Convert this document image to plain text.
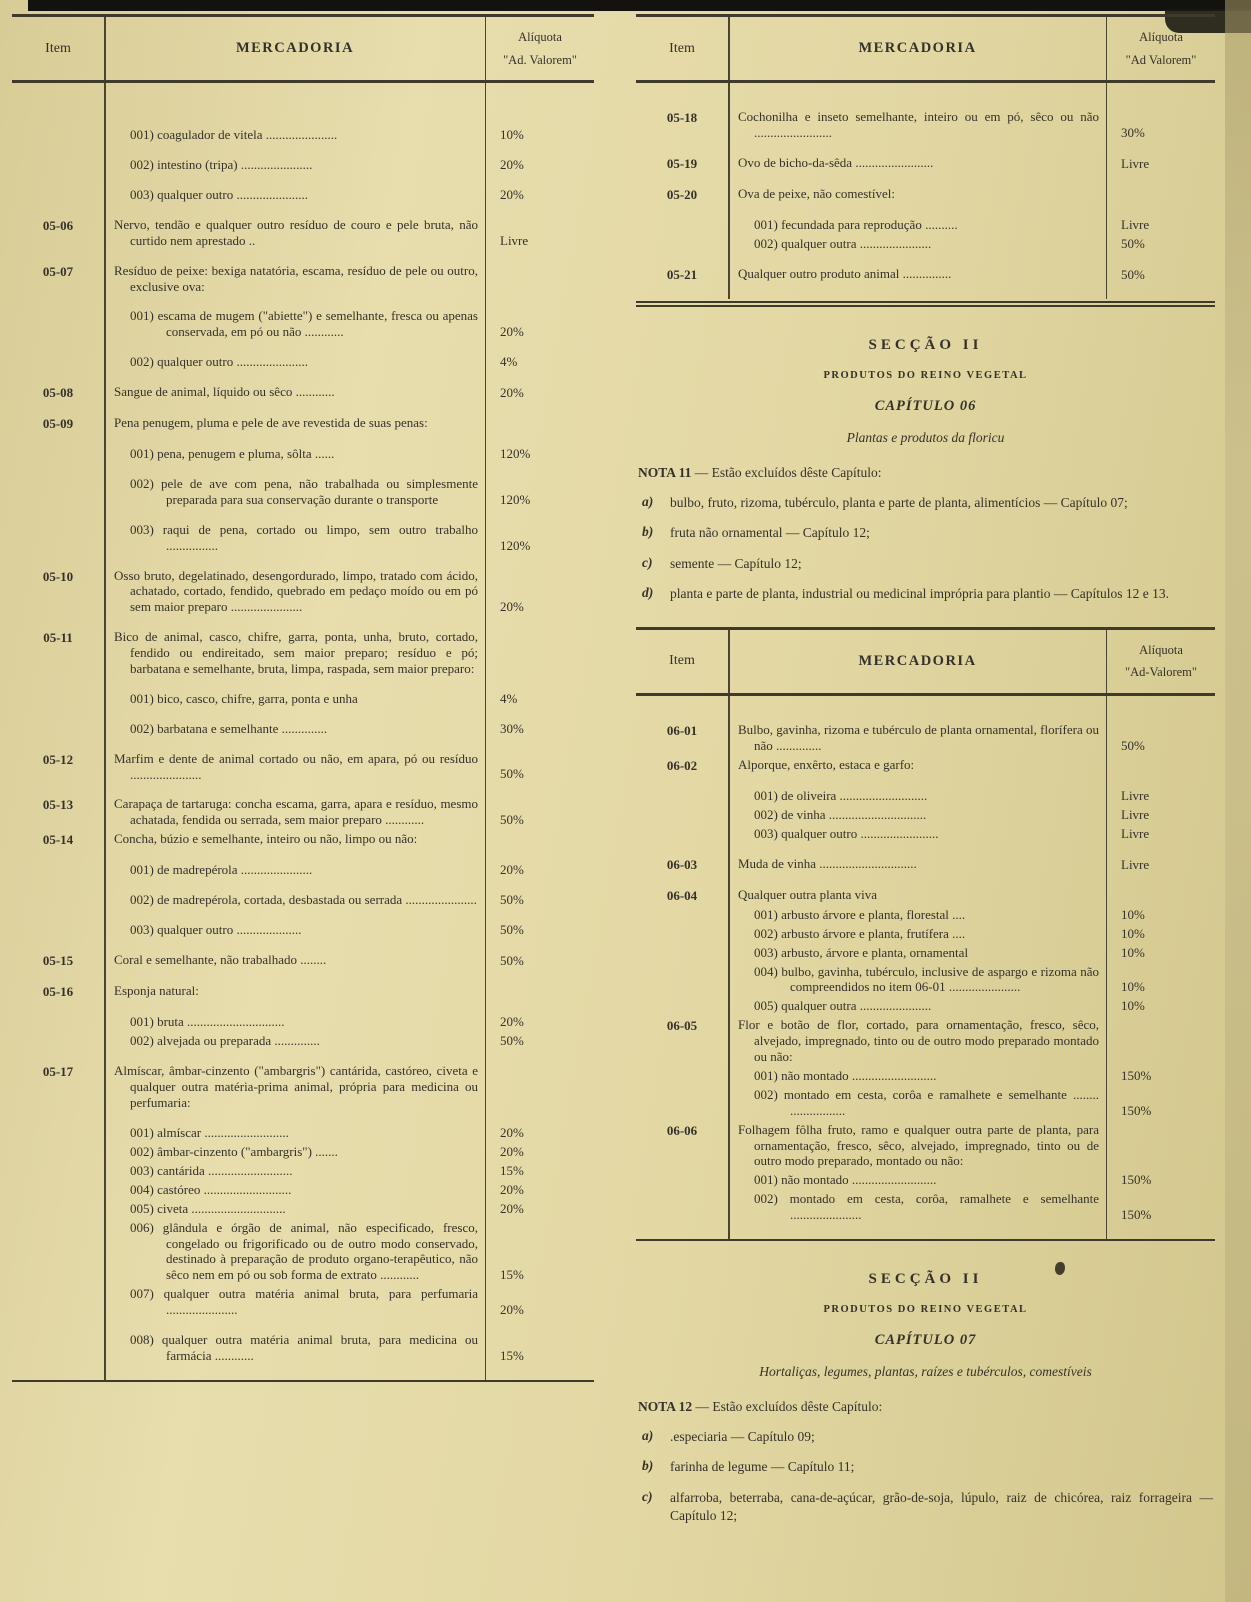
Item	MERCADORIA
Alíquota
"Ad. Valorem"
001) coagulador de vitela ......................	10%
002) intestino (tripa) ......................	20%
003) qualquer outro ......................	20%
05-06	Nervo, tendão e qualquer outro resíduo de couro e pele bruta, não curtido nem aprestado ..	Livre
05-07	Resíduo de peixe: bexiga natatória, escama, resíduo de pele ou outro, exclusive ova:
001) escama de mugem ("abiette") e semelhante, fresca ou apenas conservada, em pó ou não ............	20%
002) qualquer outro ......................	4%
05-08	Sangue de animal, líquido ou sêco ............	20%
05-09	Pena penugem, pluma e pele de ave revestida de suas penas:
001) pena, penugem e pluma, sôlta ......	120%
002) pele de ave com pena, não trabalhada ou simplesmente preparada para sua conservação durante o transporte	120%
003) raqui de pena, cortado ou limpo, sem outro trabalho ................	120%
05-10	Osso bruto, degelatinado, desengordurado, limpo, tratado com ácido, achatado, cortado, fendido, quebrado em pedaço moído ou em pó sem maior preparo ......................	20%
05-11	Bico de animal, casco, chifre, garra, ponta, unha, bruto, cortado, fendido ou endireitado, sem maior preparo; resíduo e pó; barbatana e semelhante, bruta, limpa, raspada, sem maior preparo:
001) bico, casco, chifre, garra, ponta e unha	4%
002) barbatana e semelhante ..............	30%
05-12	Marfim e dente de animal cortado ou não, em apara, pó ou resíduo ......................	50%
05-13	Carapaça de tartaruga: concha escama, garra, apara e resíduo, mesmo achatada, fendida ou serrada, sem maior preparo ............	50%
05-14	Concha, búzio e semelhante, inteiro ou não, limpo ou não:
001) de madrepérola ......................	20%
002) de madrepérola, cortada, desbastada ou serrada ......................	50%
003) qualquer outro ....................	50%
05-15	Coral e semelhante, não trabalhado ........	50%
05-16	Esponja natural:
001) bruta ..............................	20%
002) alvejada ou preparada ..............	50%
05-17	Almíscar, âmbar-cinzento ("ambargris") cantárida, castóreo, civeta e qualquer outra matéria-prima animal, própria para medicina ou perfumaria:
001) almíscar ..........................	20%
002) âmbar-cinzento ("ambargris") .......	20%
003) cantárida ..........................	15%
004) castóreo ...........................	20%
005) civeta .............................	20%
006) glândula e órgão de animal, não especificado, fresco, congelado ou frigorificado ou de outro modo conservado, destinado à preparação de produto organo-terapêutico, não sêco nem em pó ou sob forma de extrato ............	15%
007) qualquer outra matéria animal bruta, para perfumaria ......................	20%
008) qualquer outra matéria animal bruta, para medicina ou farmácia ............	15%
Item	MERCADORIA
Alíquota
"Ad Valorem"
05-18	Cochonilha e inseto semelhante, inteiro ou em pó, sêco ou não ........................	30%
05-19	Ovo de bicho-da-sêda ........................	Livre
05-20	Ova de peixe, não comestível:
001) fecundada para reprodução ..........	Livre
002) qualquer outra ......................	50%
05-21	Qualquer outro produto animal ...............	50%
SECÇÃO II
PRODUTOS DO REINO VEGETAL
CAPÍTULO 06
Plantas e produtos da floricu

NOTA 11 — Estão excluídos dêste Capítulo:

a)	bulbo, fruto, rizoma, tubérculo, planta e parte de planta, alimentícios — Capítulo 07;
b)	fruta não ornamental — Capítulo 12;
c)	semente — Capítulo 12;
d)	planta e parte de planta, industrial ou medicinal imprópria para plantio — Capítulos 12 e 13.
Item	MERCADORIA
Alíquota
"Ad-Valorem"
06-01	Bulbo, gavinha, rizoma e tubérculo de planta ornamental, florífera ou não ..............	50%
06-02	Alporque, enxêrto, estaca e garfo:
001) de oliveira ...........................	Livre
002) de vinha ..............................	Livre
003) qualquer outro ........................	Livre
06-03	Muda de vinha ..............................	Livre
06-04	Qualquer outra planta viva
001) arbusto árvore e planta, florestal ....	10%
002) arbusto árvore e planta, frutífera ....	10%
003) arbusto, árvore e planta, ornamental	10%
004) bulbo, gavinha, tubérculo, inclusive de aspargo e rizoma não compreendidos no item 06-01 ......................	10%
005) qualquer outra ......................	10%
06-05	Flor e botão de flor, cortado, para ornamentação, fresco, sêco, alvejado, impregnado, tinto ou de outro modo preparado montado ou não:
001) não montado ..........................	150%
002) montado em cesta, corôa e ramalhete e semelhante ........ .................	150%
06-06	Folhagem fôlha fruto, ramo e qualquer outra parte de planta, para ornamentação, fresco, sêco, alvejado, impregnado, tinto ou de outro modo preparado, montado ou não:
001) não montado ..........................	150%
002) montado em cesta, corôa, ramalhete e semelhante ......................	150%
SECÇÃO II
PRODUTOS DO REINO VEGETAL
CAPÍTULO 07
Hortaliças, legumes, plantas, raízes e tubérculos, comestíveis

NOTA 12 — Estão excluídos dêste Capítulo:

a)	.especiaria — Capítulo 09;
b)	farinha de legume — Capítulo 11;
c)	alfarroba, beterraba, cana-de-açúcar, grão-de-soja, lúpulo, raiz de chicórea, raiz forrageira — Capítulo 12;
